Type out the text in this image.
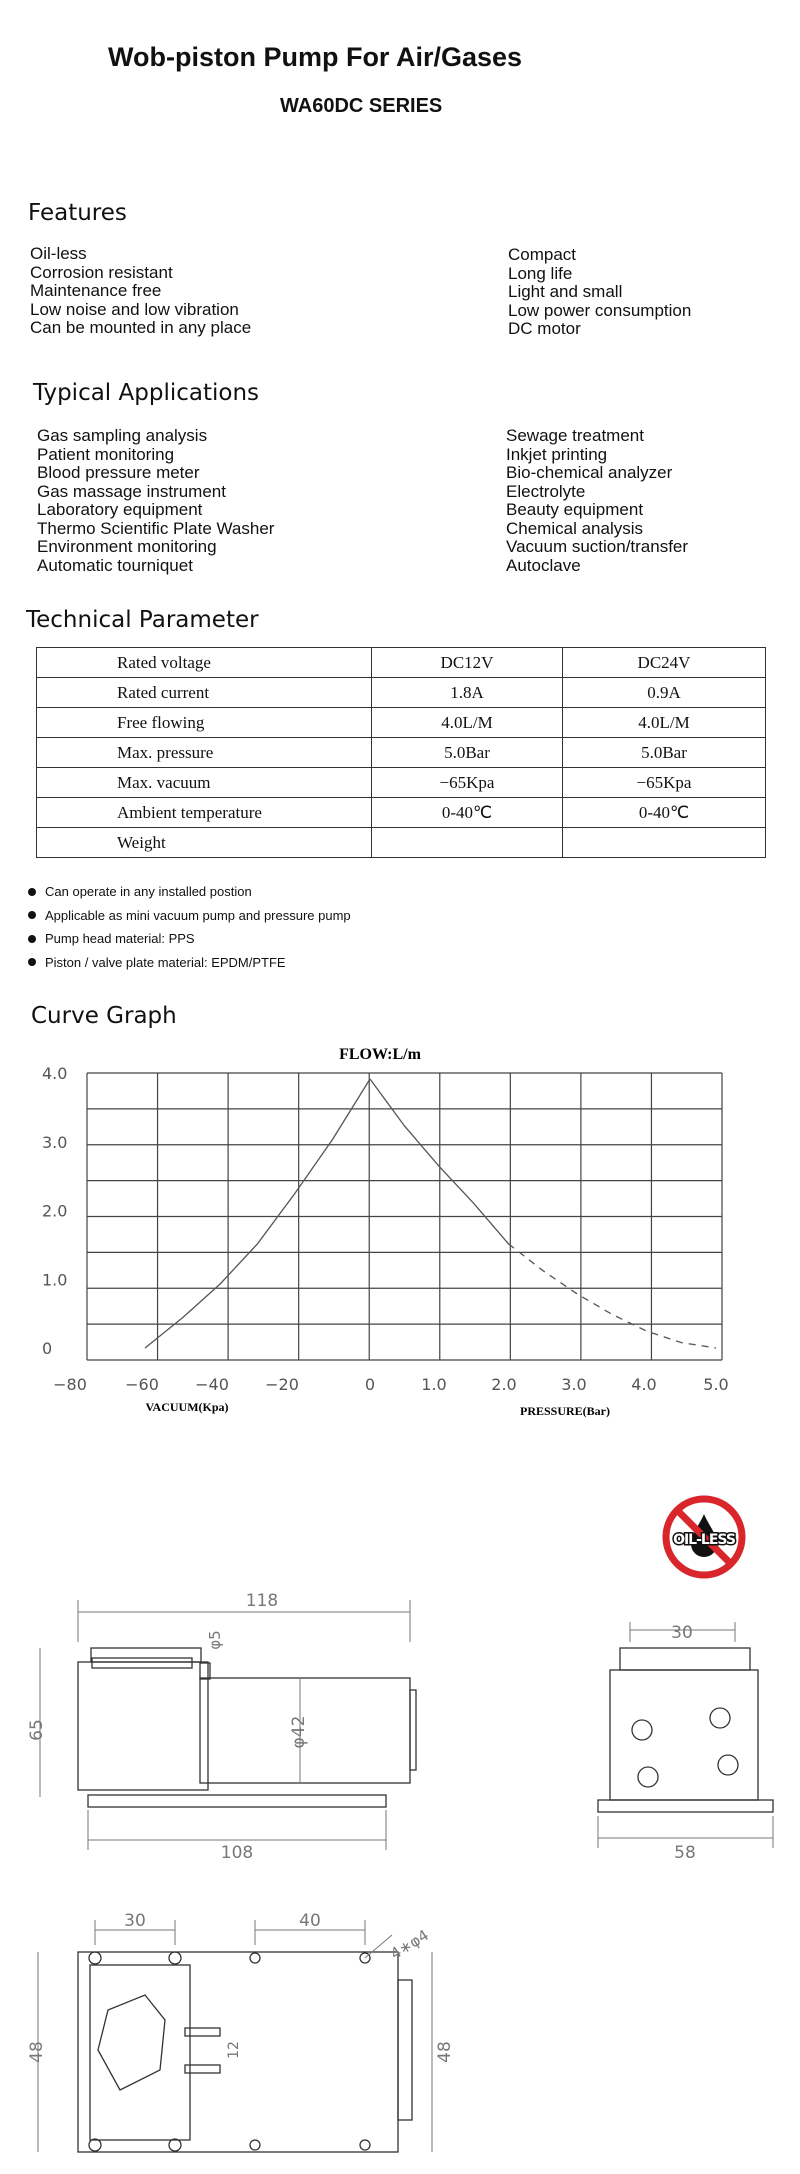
Wob-piston Pump For Air/Gases
WA60DC SERIES
Features
Oil-less
Corrosion resistant
Maintenance free
Low noise and low vibration
Can be mounted in any place
Compact
Long life
Light and small
Low power consumption
DC motor
Typical Applications
Gas sampling analysis
Patient monitoring
Blood pressure meter
Gas massage instrument
Laboratory equipment
Thermo Scientific Plate Washer
Environment monitoring
Automatic tourniquet
Sewage treatment
Inkjet printing
Bio-chemical analyzer
Electrolyte
Beauty equipment
Chemical analysis
Vacuum suction/transfer
Autoclave
Technical Parameter
Rated voltage	DC12V	DC24V
Rated current	1.8A	0.9A
Free flowing	4.0L/M	4.0L/M
Max. pressure	5.0Bar	5.0Bar
Max. vacuum	−65Kpa	−65Kpa
Ambient temperature	0-40℃	0-40℃
Weight		
Can operate in any installed postion
Applicable as mini vacuum pump and pressure pump
Pump head material: PPS
Piston / valve plate material: EPDM/PTFE
Curve Graph
FLOW:L/m
4.0
3.0
2.0
1.0
0
−80 −60 −40 −20	0	1.0	2.0	3.0	4.0	5.0
VACUUM(Kpa)	PRESSURE(Bar)
OIL-LESS
118
108
65
φ5
φ42
30
58
30	40
4∗φ4
48	48
12
